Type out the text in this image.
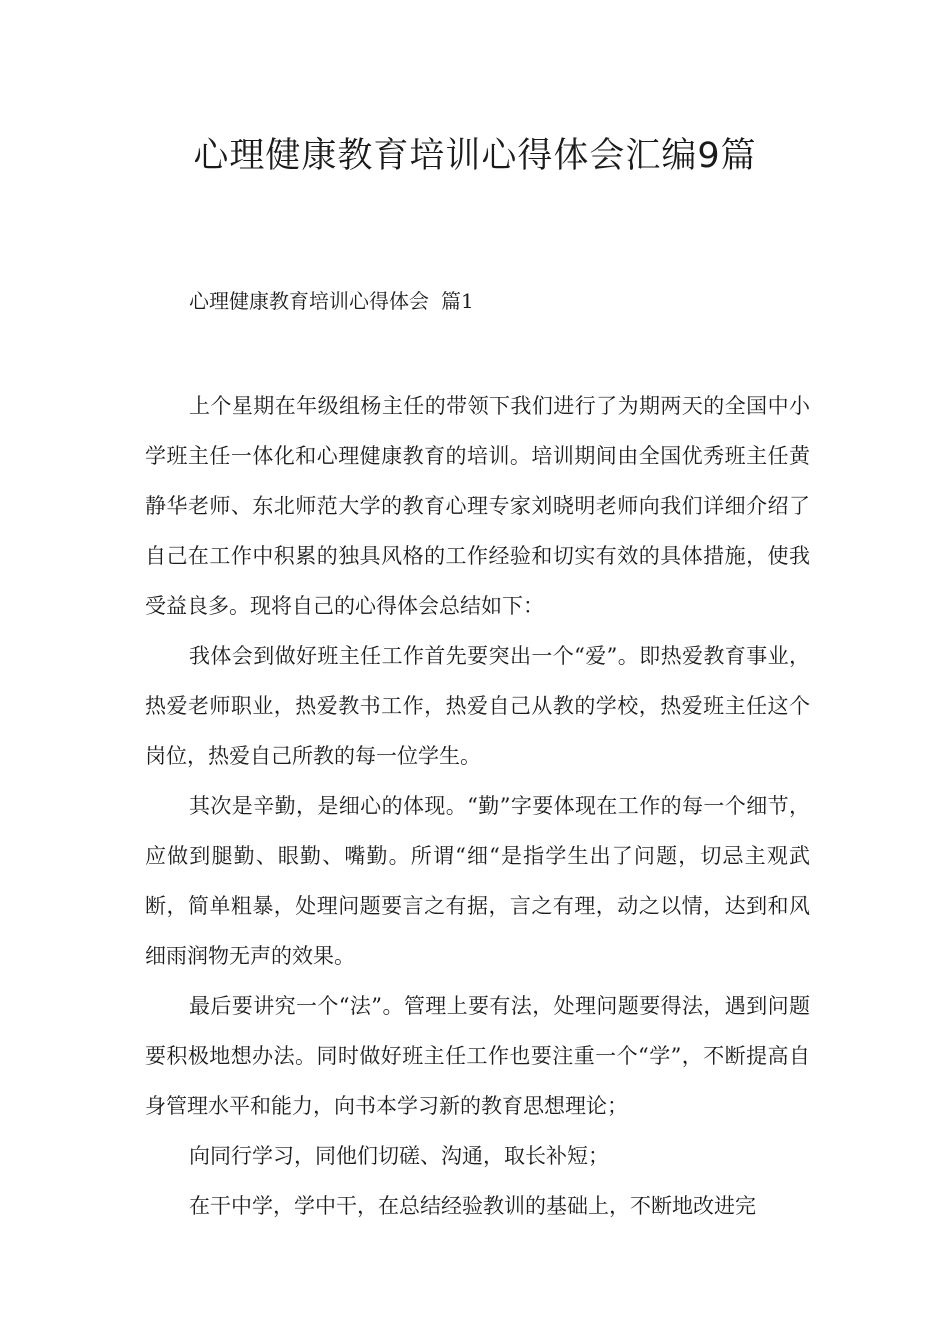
心理健康教育培训心得体会汇编9篇
心理健康教育培训心得体会 篇1

上个星期在年级组杨主任的带领下我们进行了为期两天的全国中小学班主任一体化和心理健康教育的培训。培训期间由全国优秀班主任黄静华老师、东北师范大学的教育心理专家刘晓明老师向我们详细介绍了自己在工作中积累的独具风格的工作经验和切实有效的具体措施，使我受益良多。现将自己的心得体会总结如下：

我体会到做好班主任工作首先要突出一个“爱”。即热爱教育事业，热爱老师职业，热爱教书工作，热爱自己从教的学校，热爱班主任这个岗位，热爱自己所教的每一位学生。

其次是辛勤，是细心的体现。“勤”字要体现在工作的每一个细节，应做到腿勤、眼勤、嘴勤。所谓“细“是指学生出了问题，切忌主观武断，简单粗暴，处理问题要言之有据，言之有理，动之以情，达到和风细雨润物无声的效果。

最后要讲究一个“法”。管理上要有法，处理问题要得法，遇到问题要积极地想办法。同时做好班主任工作也要注重一个“学”，不断提高自身管理水平和能力，向书本学习新的教育思想理论；

向同行学习，同他们切磋、沟通，取长补短；

在干中学，学中干，在总结经验教训的基础上，不断地改进完
